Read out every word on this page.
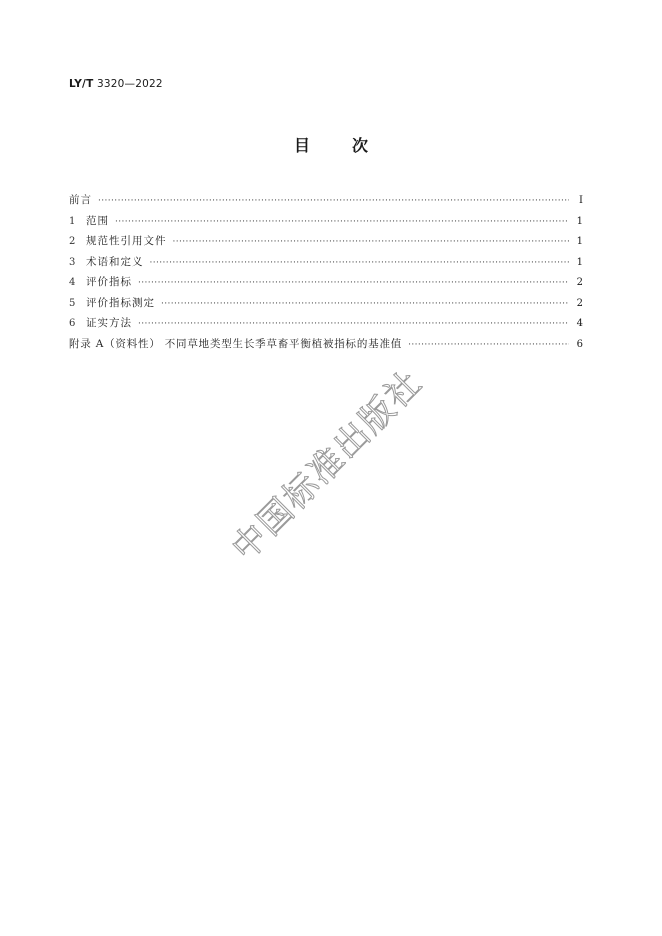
LY/T 3320—2022
目	次
前言 ·····	Ⅰ
1	范围 ·····	1
2	规范性引用文件 ·····	1
3	术语和定义 ·····	1
4	评价指标 ·····	2
5	评价指标测定 ·····	2
6	证实方法 ·····	4
附录 A（资料性） 不同草地类型生长季草畜平衡植被指标的基准值 ·····	6
中国标准出版社
